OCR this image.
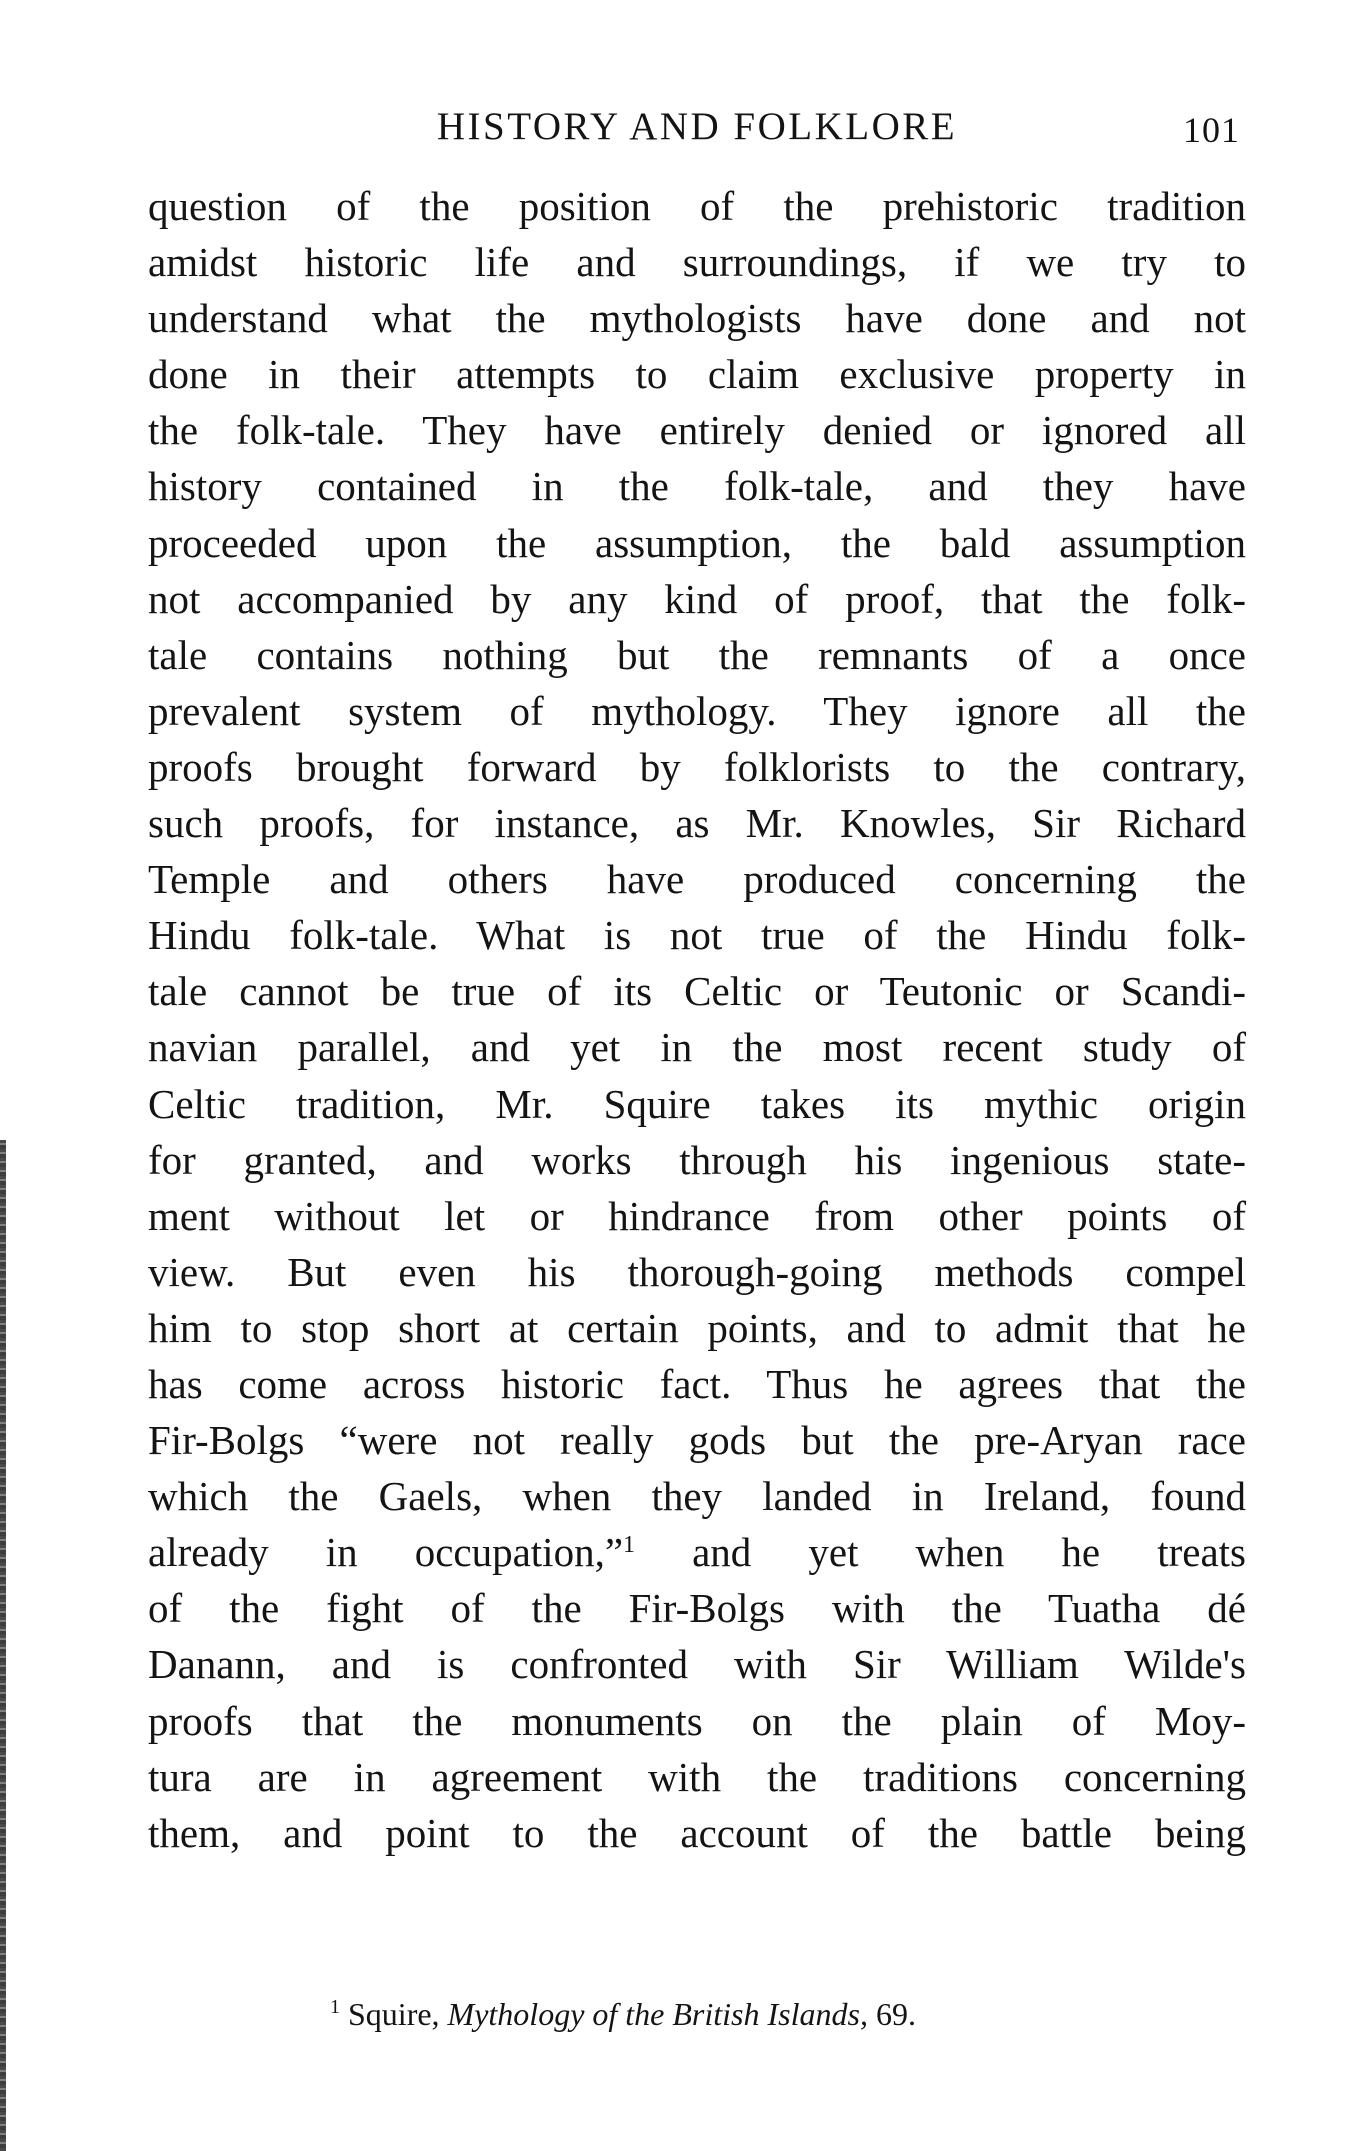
HISTORY AND FOLKLORE	101
question of the position of the prehistoric tradition
amidst historic life and surroundings, if we try to
understand what the mythologists have done and not
done in their attempts to claim exclusive property in
the folk-tale. They have entirely denied or ignored all
history contained in the folk-tale, and they have
proceeded upon the assumption, the bald assumption
not accompanied by any kind of proof, that the folk-
tale contains nothing but the remnants of a once
prevalent system of mythology. They ignore all the
proofs brought forward by folklorists to the contrary,
such proofs, for instance, as Mr. Knowles, Sir Richard
Temple and others have produced concerning the
Hindu folk-tale. What is not true of the Hindu folk-
tale cannot be true of its Celtic or Teutonic or Scandi-
navian parallel, and yet in the most recent study of
Celtic tradition, Mr. Squire takes its mythic origin
for granted, and works through his ingenious state-
ment without let or hindrance from other points of
view. But even his thorough-going methods compel
him to stop short at certain points, and to admit that he
has come across historic fact. Thus he agrees that the
Fir-Bolgs “were not really gods but the pre-Aryan race
which the Gaels, when they landed in Ireland, found
already in occupation,”$^1$ and yet when he treats
of the fight of the Fir-Bolgs with the Tuatha dé
Danann, and is confronted with Sir William Wilde's
proofs that the monuments on the plain of Moy-
tura are in agreement with the traditions concerning
them, and point to the account of the battle being
$^1$ Squire, Mythology of the British Islands, 69.
